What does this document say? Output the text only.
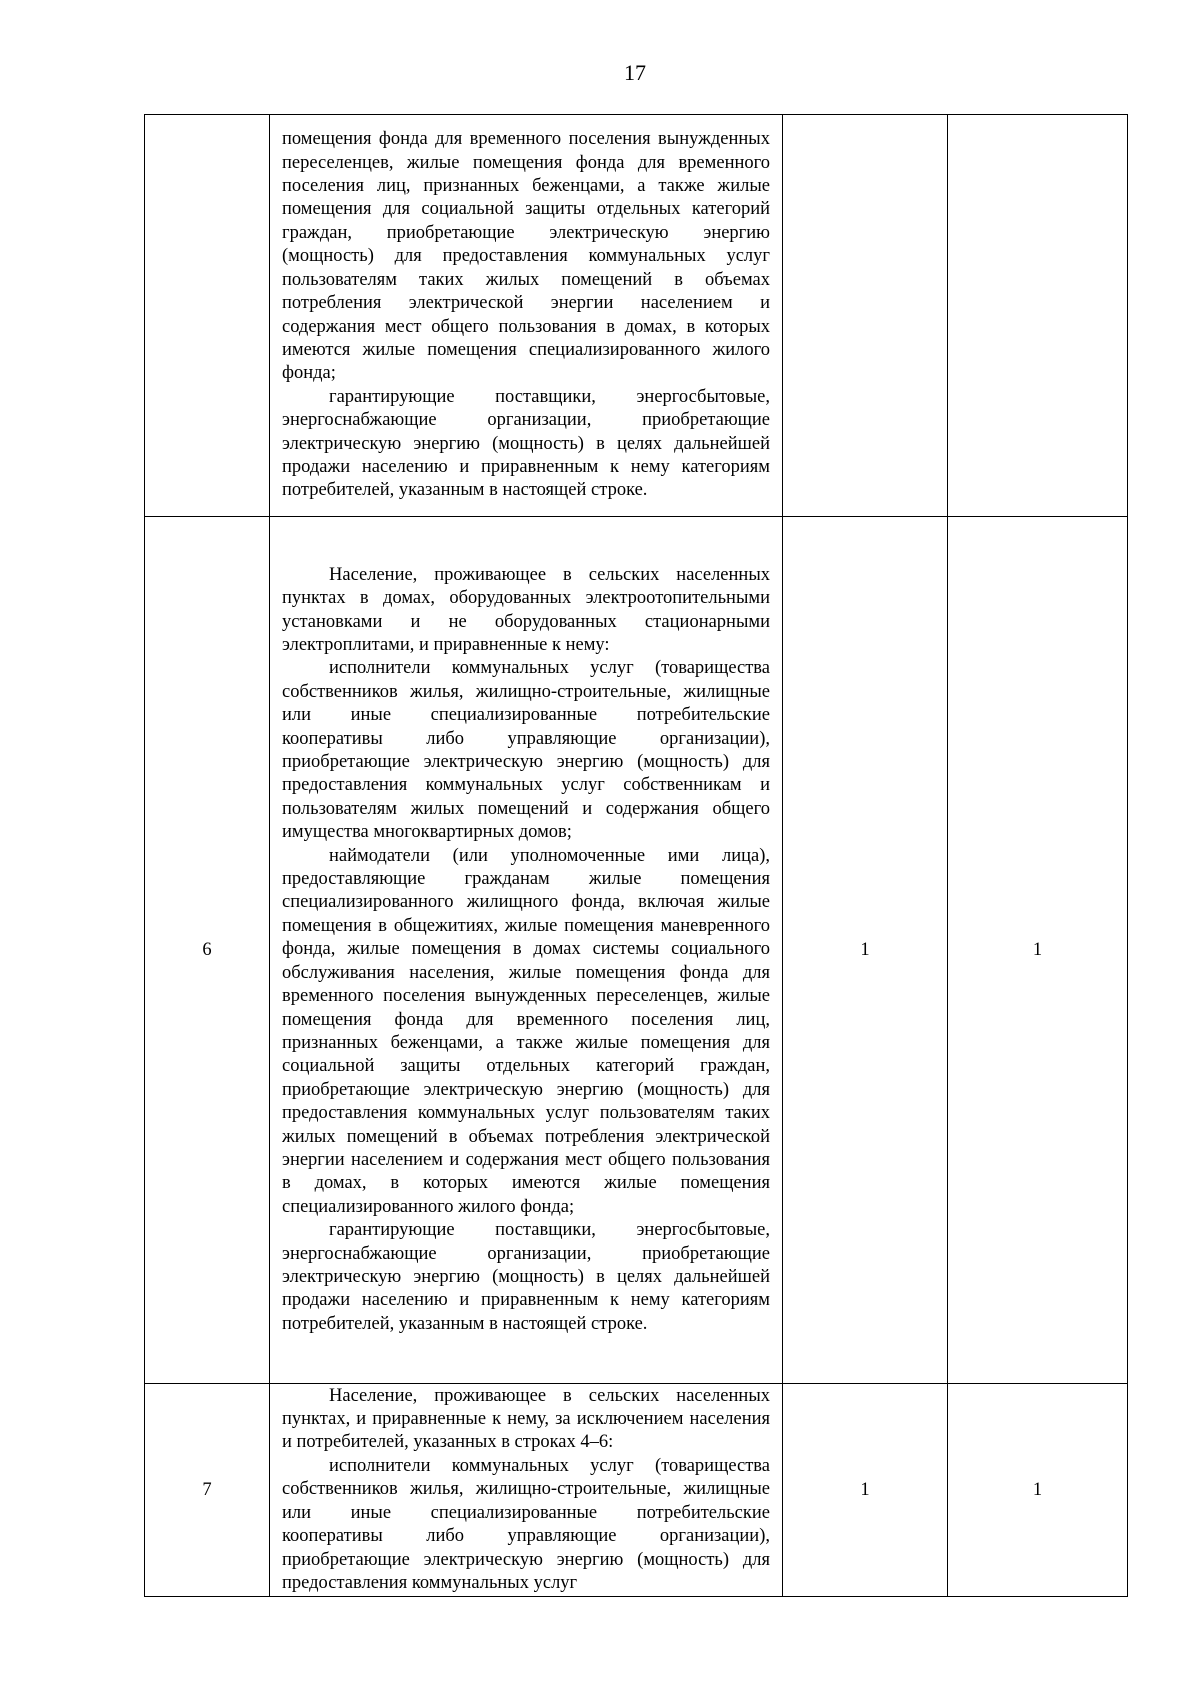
17

	помещения фонда для временного поселения вынужденных переселенцев, жилые помещения фонда для временного поселения лиц, признанных беженцами, а также жилые помещения для социальной защиты отдельных категорий граждан, приобретающие электрическую энергию (мощность) для предоставления коммунальных услуг пользователям таких жилых помещений в объемах потребления электрической энергии населением и содержания мест общего пользования в домах, в которых имеются жилые помещения специализированного жилого фонда;

гарантирующие поставщики, энергосбытовые, энергоснабжающие организации, приобретающие электрическую энергию (мощность) в целях дальнейшей продажи населению и приравненным к нему категориям потребителей, указанным в настоящей строке.		

6	Население, проживающее в сельских населенных пунктах в домах, оборудованных электроотопительными установками и не оборудованных стационарными электроплитами, и приравненные к нему:

исполнители коммунальных услуг (товарищества собственников жилья, жилищно-строительные, жилищные или иные специализированные потребительские кооперативы либо управляющие организации), приобретающие электрическую энергию (мощность) для предоставления коммунальных услуг собственникам и пользователям жилых помещений и содержания общего имущества многоквартирных домов;

наймодатели (или уполномоченные ими лица), предоставляющие гражданам жилые помещения специализированного жилищного фонда, включая жилые помещения в общежитиях, жилые помещения маневренного фонда, жилые помещения в домах системы социального обслуживания населения, жилые помещения фонда для временного поселения вынужденных переселенцев, жилые помещения фонда для временного поселения лиц, признанных беженцами, а также жилые помещения для социальной защиты отдельных категорий граждан, приобретающие электрическую энергию (мощность) для предоставления коммунальных услуг пользователям таких жилых помещений в объемах потребления электрической энергии населением и содержания мест общего пользования в домах, в которых имеются жилые помещения специализированного жилого фонда;

гарантирующие поставщики, энергосбытовые, энергоснабжающие организации, приобретающие электрическую энергию (мощность) в целях дальнейшей продажи населению и приравненным к нему категориям потребителей, указанным в настоящей строке.	1	1
7	Население, проживающее в сельских населенных пунктах, и приравненные к нему, за исключением населения и потребителей, указанных в строках 4–6:

исполнители коммунальных услуг (товарищества собственников жилья, жилищно-строительные, жилищные или иные специализированные потребительские кооперативы либо управляющие организации), приобретающие электрическую энергию (мощность) для предоставления коммунальных услуг	1	1
